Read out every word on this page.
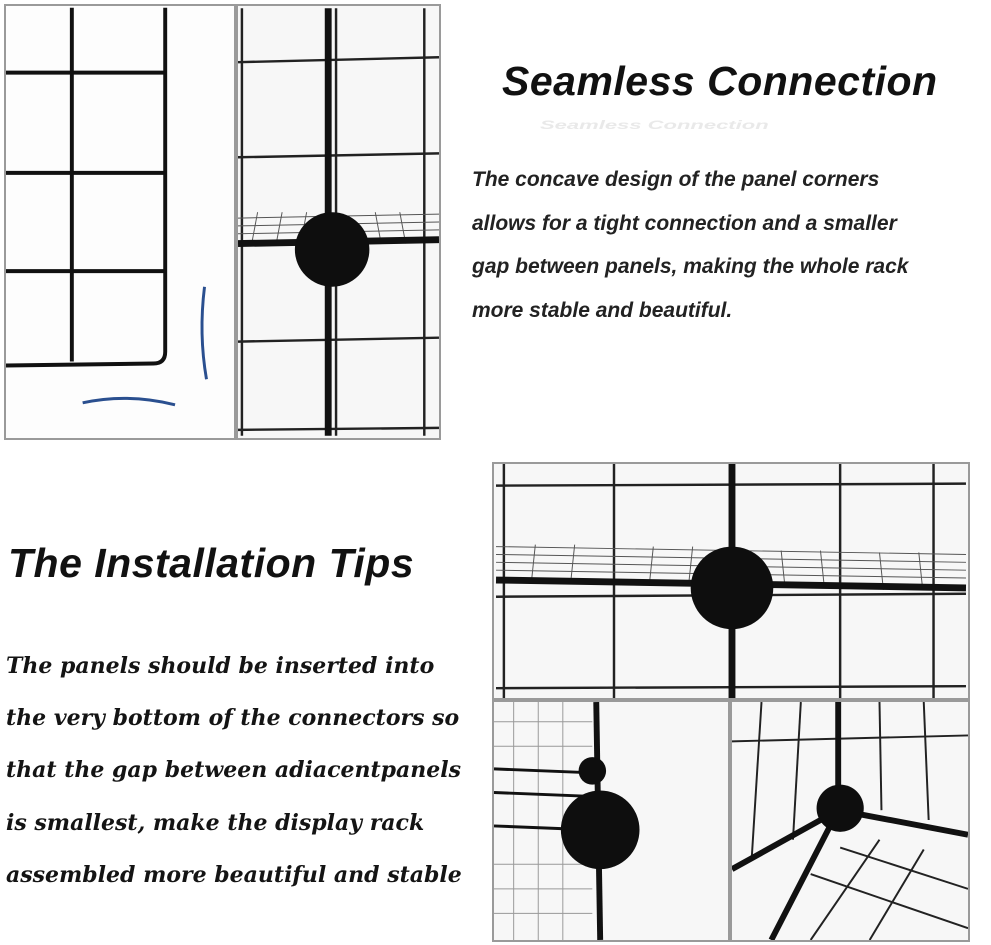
Seamless Connection
Seamless Connection

The concave design of the panel corners
allows for a tight connection and a smaller
gap between panels, making the whole rack
more stable and beautiful.

The Installation Tips

The panels should be inserted into
the very bottom of the connectors so
that the gap between adiacentpanels
is smallest, make the display rack
assembled more beautiful and stable
